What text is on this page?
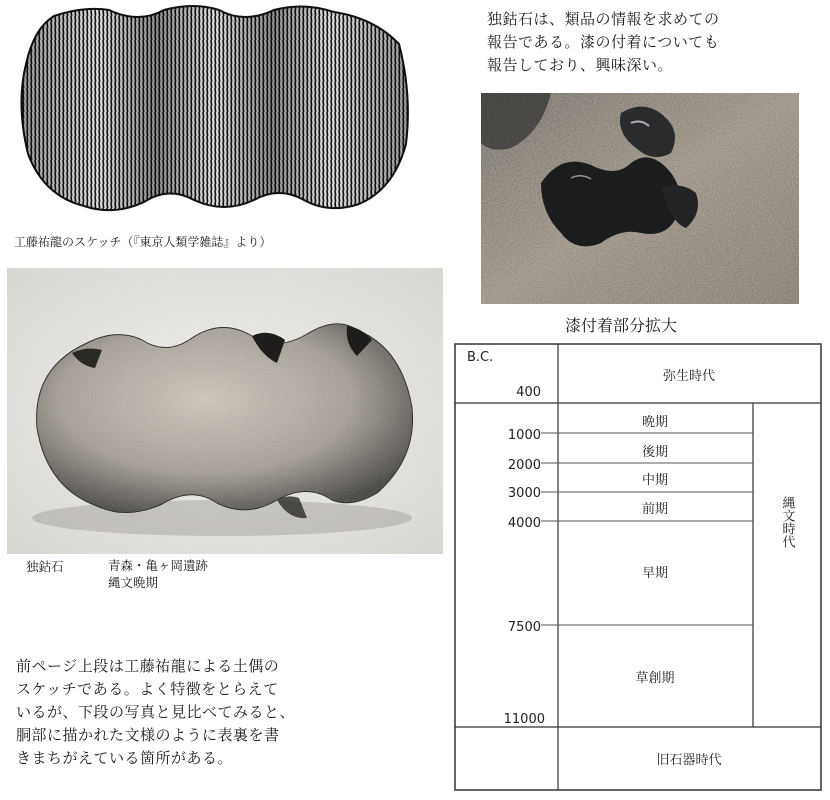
工藤祐龍のスケッチ（『東京人類学雑誌』より）
独鈷石	青森・亀ヶ岡遺跡
縄文晩期

前ページ上段は工藤祐龍による土偶の

スケッチである。よく特徴をとらえて

いるが、下段の写真と見比べてみると、

胴部に描かれた文様のように表裏を書

きまちがえている箇所がある。

独鈷石は、類品の情報を求めての

報告である。漆の付着についても

報告しており、興味深い。

漆付着部分拡大
B.C.
400
1000
2000
3000
4000
7500
11000
弥生時代
晩期
後期
中期
前期
早期
草創期
縄文時代
旧石器時代
